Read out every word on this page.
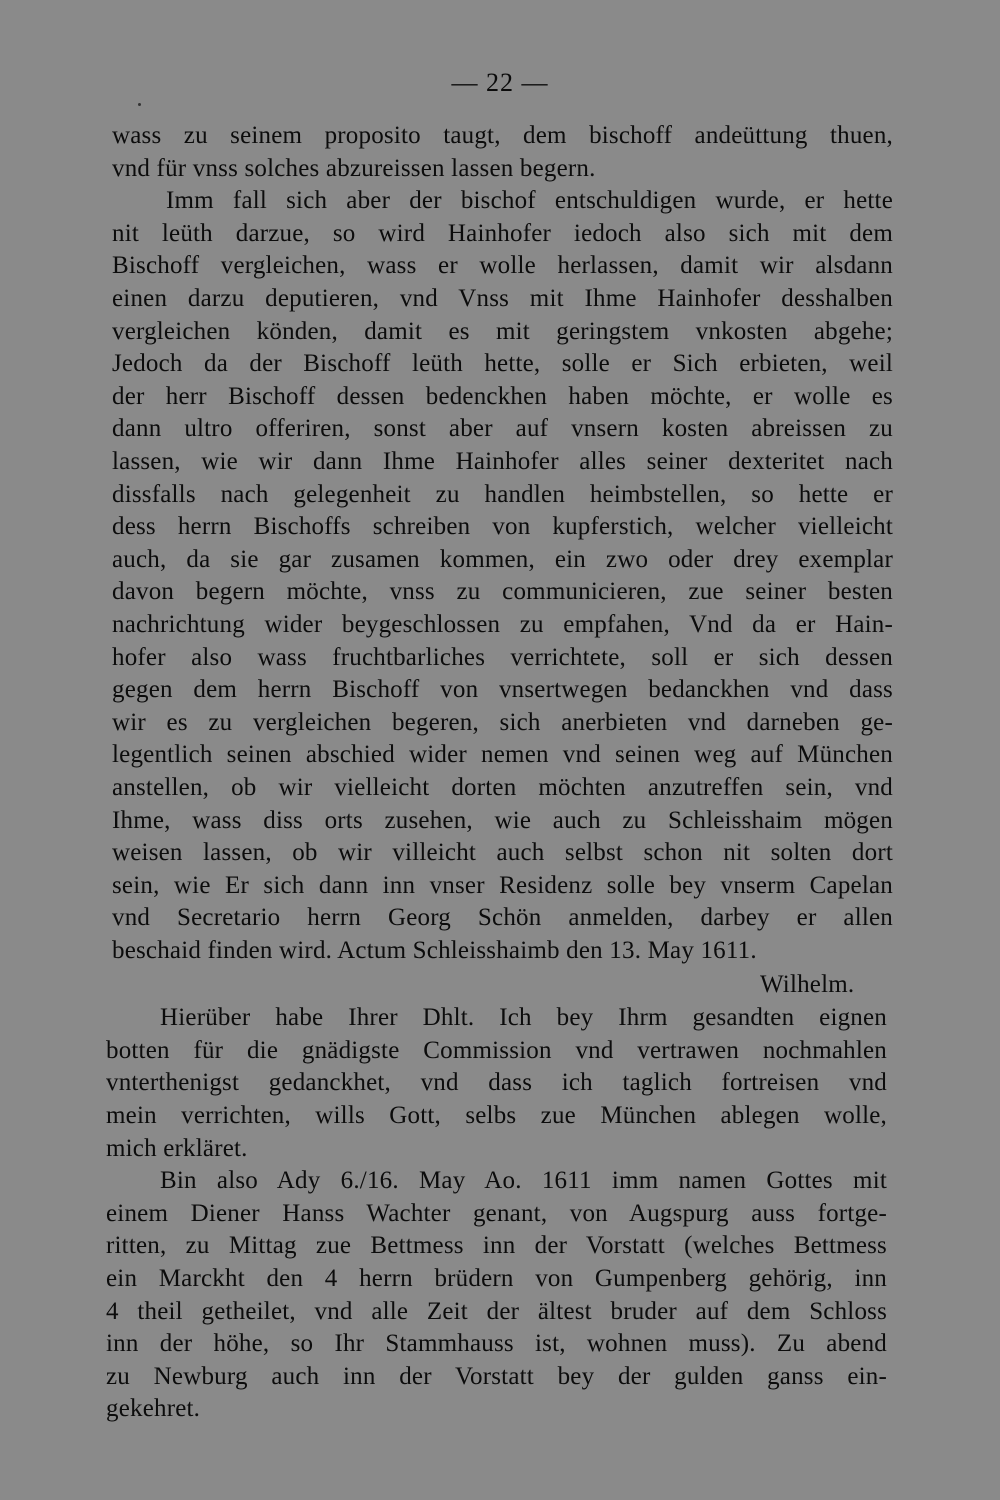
— 22 —
wass zu seinem proposito taugt, dem bischoff andeüttung thuen,
vnd für vnss solches abzureissen lassen begern.
Imm fall sich aber der bischof entschuldigen wurde, er hette
nit leüth darzue, so wird Hainhofer iedoch also sich mit dem
Bischoff vergleichen, wass er wolle herlassen, damit wir alsdann
einen darzu deputieren, vnd Vnss mit Ihme Hainhofer desshalben
vergleichen könden, damit es mit geringstem vnkosten abgehe;
Jedoch da der Bischoff leüth hette, solle er Sich erbieten, weil
der herr Bischoff dessen bedenckhen haben möchte, er wolle es
dann ultro offeriren, sonst aber auf vnsern kosten abreissen zu
lassen, wie wir dann Ihme Hainhofer alles seiner dexteritet nach
dissfalls nach gelegenheit zu handlen heimbstellen, so hette er
dess herrn Bischoffs schreiben von kupferstich, welcher vielleicht
auch, da sie gar zusamen kommen, ein zwo oder drey exemplar
davon begern möchte, vnss zu communicieren, zue seiner besten
nachrichtung wider beygeschlossen zu empfahen, Vnd da er Hain-
hofer also wass fruchtbarliches verrichtete, soll er sich dessen
gegen dem herrn Bischoff von vnsertwegen bedanckhen vnd dass
wir es zu vergleichen begeren, sich anerbieten vnd darneben ge-
legentlich seinen abschied wider nemen vnd seinen weg auf München
anstellen, ob wir vielleicht dorten möchten anzutreffen sein, vnd
Ihme, wass diss orts zusehen, wie auch zu Schleisshaim mögen
weisen lassen, ob wir villeicht auch selbst schon nit solten dort
sein, wie Er sich dann inn vnser Residenz solle bey vnserm Capelan
vnd Secretario herrn Georg Schön anmelden, darbey er allen
beschaid finden wird. Actum Schleisshaimb den 13. May 1611.
Wilhelm.
Hierüber habe Ihrer Dhlt. Ich bey Ihrm gesandten eignen
botten für die gnädigste Commission vnd vertrawen nochmahlen
vnterthenigst gedanckhet, vnd dass ich taglich fortreisen vnd
mein verrichten, wills Gott, selbs zue München ablegen wolle,
mich erkläret.
Bin also Ady 6./16. May Ao. 1611 imm namen Gottes mit
einem Diener Hanss Wachter genant, von Augspurg auss fortge-
ritten, zu Mittag zue Bettmess inn der Vorstatt (welches Bettmess
ein Marckht den 4 herrn brüdern von Gumpenberg gehörig, inn
4 theil getheilet, vnd alle Zeit der ältest bruder auf dem Schloss
inn der höhe, so Ihr Stammhauss ist, wohnen muss). Zu abend
zu Newburg auch inn der Vorstatt bey der gulden ganss ein-
gekehret.
